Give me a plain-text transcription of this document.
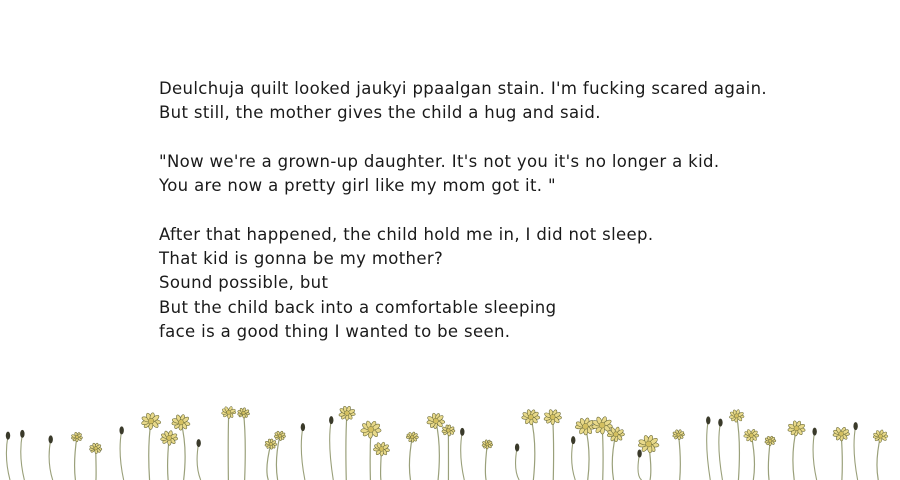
Deulchuja quilt looked jaukyi ppaalgan stain. I'm fucking scared again.
But still, the mother gives the child a hug and said.
"Now we're a grown-up daughter. It's not you it's no longer a kid.
You are now a pretty girl like my mom got it. "
After that happened, the child hold me in, I did not sleep.
That kid is gonna be my mother?
Sound possible, but
But the child back into a comfortable sleeping
face is a good thing I wanted to be seen.
